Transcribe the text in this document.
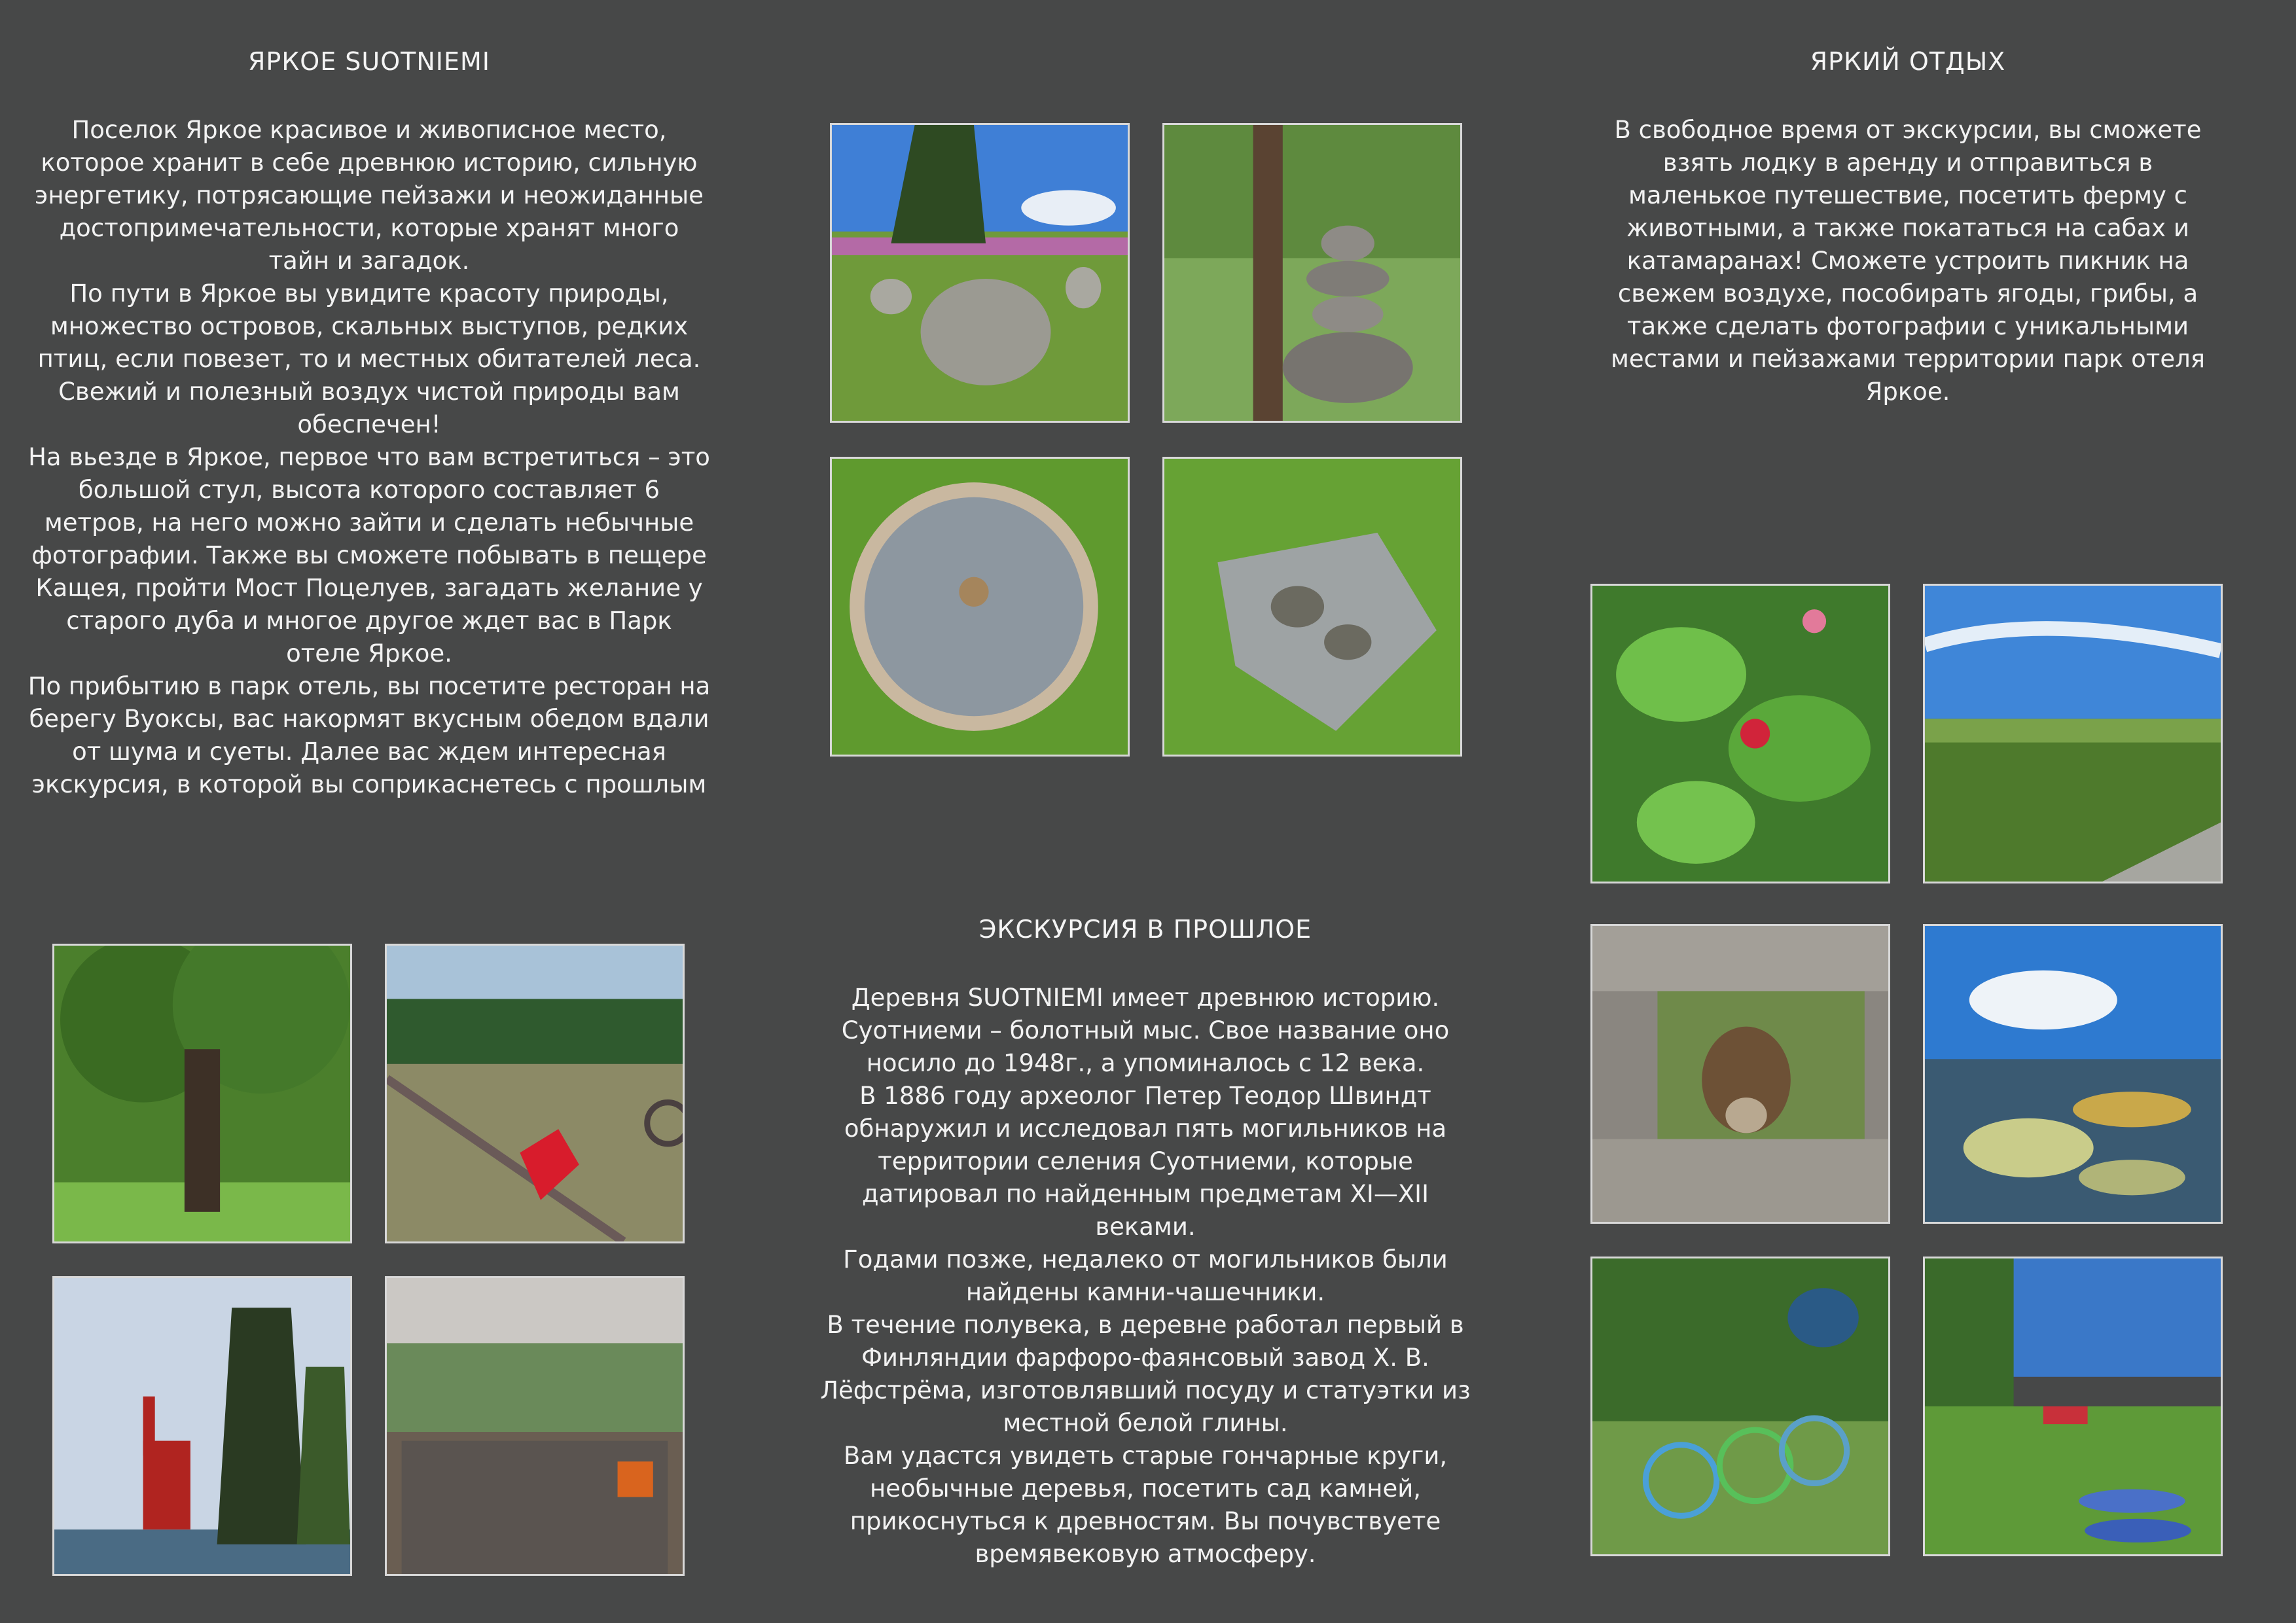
ЯРКОЕ SUOTNIEMI

Поселок Яркое красивое и живописное место, которое хранит в себе древнюю историю, сильную энергетику, потрясающие пейзажи и неожиданные достопримечательности, которые хранят много тайн и загадок.

По пути в Яркое вы увидите красоту природы, множество островов, скальных выступов, редких птиц, если повезет, то и местных обитателей леса. Свежий и полезный воздух чистой природы вам обеспечен!

На вьезде в Яркое, первое что вам встретиться – это большой стул, высота которого составляет 6 метров, на него можно зайти и сделать небычные фотографии. Также вы сможете побывать в пещере Кащея, пройти Мост Поцелуев, загадать желание у старого дуба и многое другое ждет вас в Парк отеле Яркое.

По прибытию в парк отель, вы посетите ресторан на берегу Вуоксы, вас накормят вкусным обедом вдали от шума и суеты. Далее вас ждем интересная экскурсия, в которой вы соприкаснетесь с прошлым

ЭКСКУРСИЯ В ПРОШЛОЕ

Деревня SUOTNIEMI имеет древнюю историю. Суотниеми – болотный мыс. Свое название оно носило до 1948г., а упоминалось с 12 века.

В 1886 году археолог Петер Теодор Швиндт обнаружил и исследовал пять могильников на территории селения Суотниеми, которые датировал по найденным предметам XI—XII веками.

Годами позже, недалеко от могильников были найдены камни-чашечники.

В течение полувека, в деревне работал первый в Финляндии фарфоро-фаянсовый завод Х. В. Лёфстрёма, изготовлявший посуду и статуэтки из местной белой глины.

Вам удастся увидеть старые гончарные круги, необычные деревья, посетить сад камней, прикоснуться к древностям. Вы почувствуете времявековую атмосферу.

ЯРКИЙ ОТДЫХ

В свободное время от экскурсии, вы сможете взять лодку в аренду и отправиться в маленькое путешествие, посетить ферму с животными, а также покататься на сабах и катамаранах! Сможете устроить пикник на свежем воздухе, пособирать ягоды, грибы, а также сделать фотографии с уникальными местами и пейзажами территории парк отеля Яркое.
